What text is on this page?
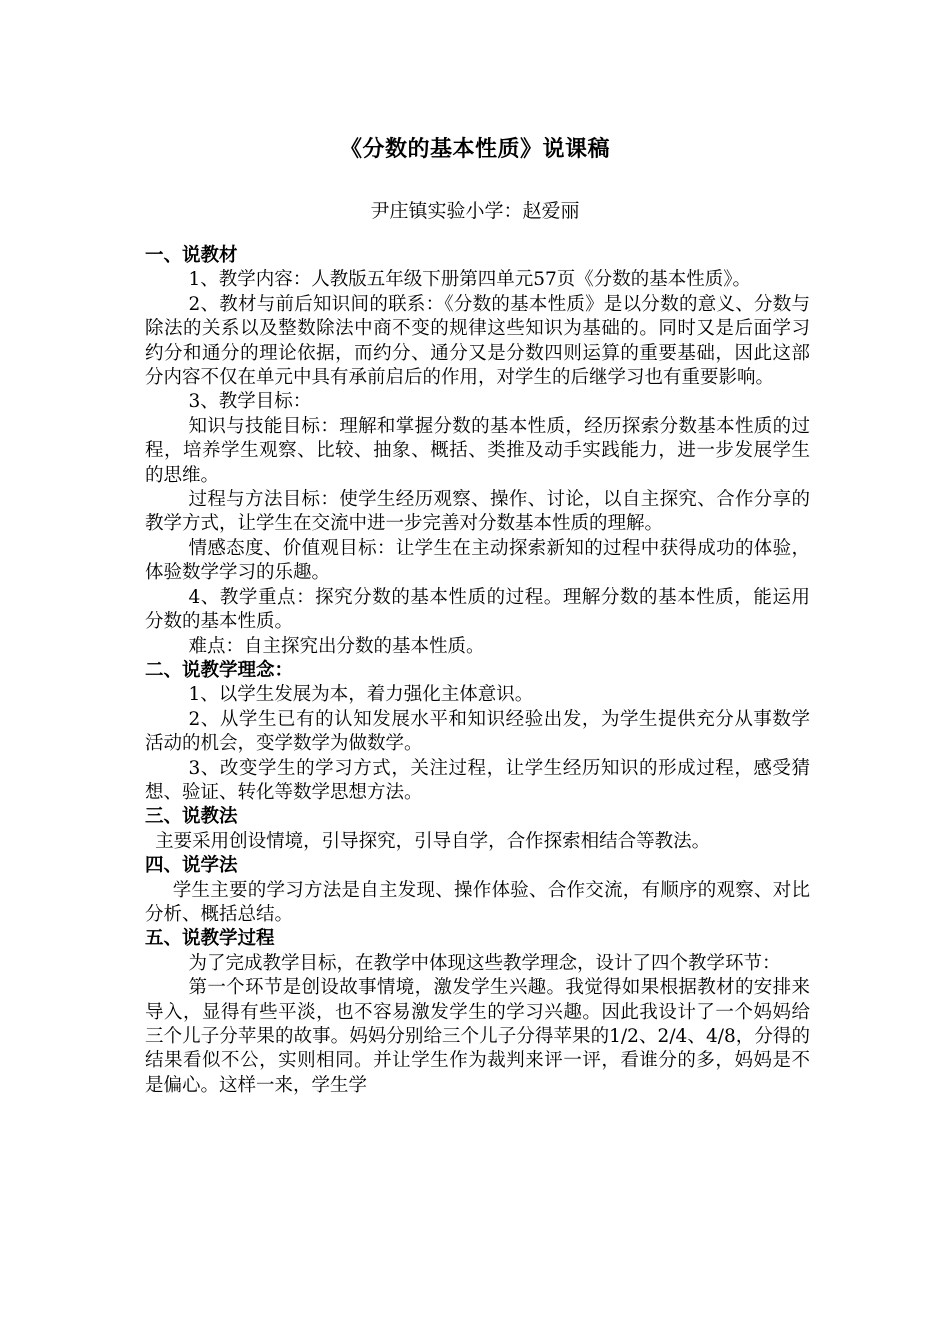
《分数的基本性质》说课稿
尹庄镇实验小学：赵爱丽

一、说教材

1、教学内容：人教版五年级下册第四单元57页《分数的基本性质》。

2、教材与前后知识间的联系：《分数的基本性质》是以分数的意义、分数与除法的关系以及整数除法中商不变的规律这些知识为基础的。同时又是后面学习约分和通分的理论依据，而约分、通分又是分数四则运算的重要基础，因此这部分内容不仅在单元中具有承前启后的作用，对学生的后继学习也有重要影响。

3、教学目标：

知识与技能目标：理解和掌握分数的基本性质，经历探索分数基本性质的过程，培养学生观察、比较、抽象、概括、类推及动手实践能力，进一步发展学生的思维。

过程与方法目标：使学生经历观察、操作、讨论，以自主探究、合作分享的教学方式，让学生在交流中进一步完善对分数基本性质的理解。

情感态度、价值观目标：让学生在主动探索新知的过程中获得成功的体验，体验数学学习的乐趣。

4、教学重点：探究分数的基本性质的过程。理解分数的基本性质，能运用分数的基本性质。

难点：自主探究出分数的基本性质。

二、说教学理念：

1、以学生发展为本，着力强化主体意识。

2、从学生已有的认知发展水平和知识经验出发，为学生提供充分从事数学活动的机会，变学数学为做数学。

3、改变学生的学习方式，关注过程，让学生经历知识的形成过程，感受猜想、验证、转化等数学思想方法。

三、说教法

主要采用创设情境，引导探究，引导自学，合作探索相结合等教法。

四、说学法

学生主要的学习方法是自主发现、操作体验、合作交流，有顺序的观察、对比分析、概括总结。

五、说教学过程

为了完成教学目标，在教学中体现这些教学理念，设计了四个教学环节：

第一个环节是创设故事情境，激发学生兴趣。我觉得如果根据教材的安排来导入，显得有些平淡，也不容易激发学生的学习兴趣。因此我设计了一个妈妈给三个儿子分苹果的故事。妈妈分别给三个儿子分得苹果的1/2、2/4、4/8，分得的结果看似不公，实则相同。并让学生作为裁判来评一评，看谁分的多，妈妈是不是偏心。这样一来，学生学
